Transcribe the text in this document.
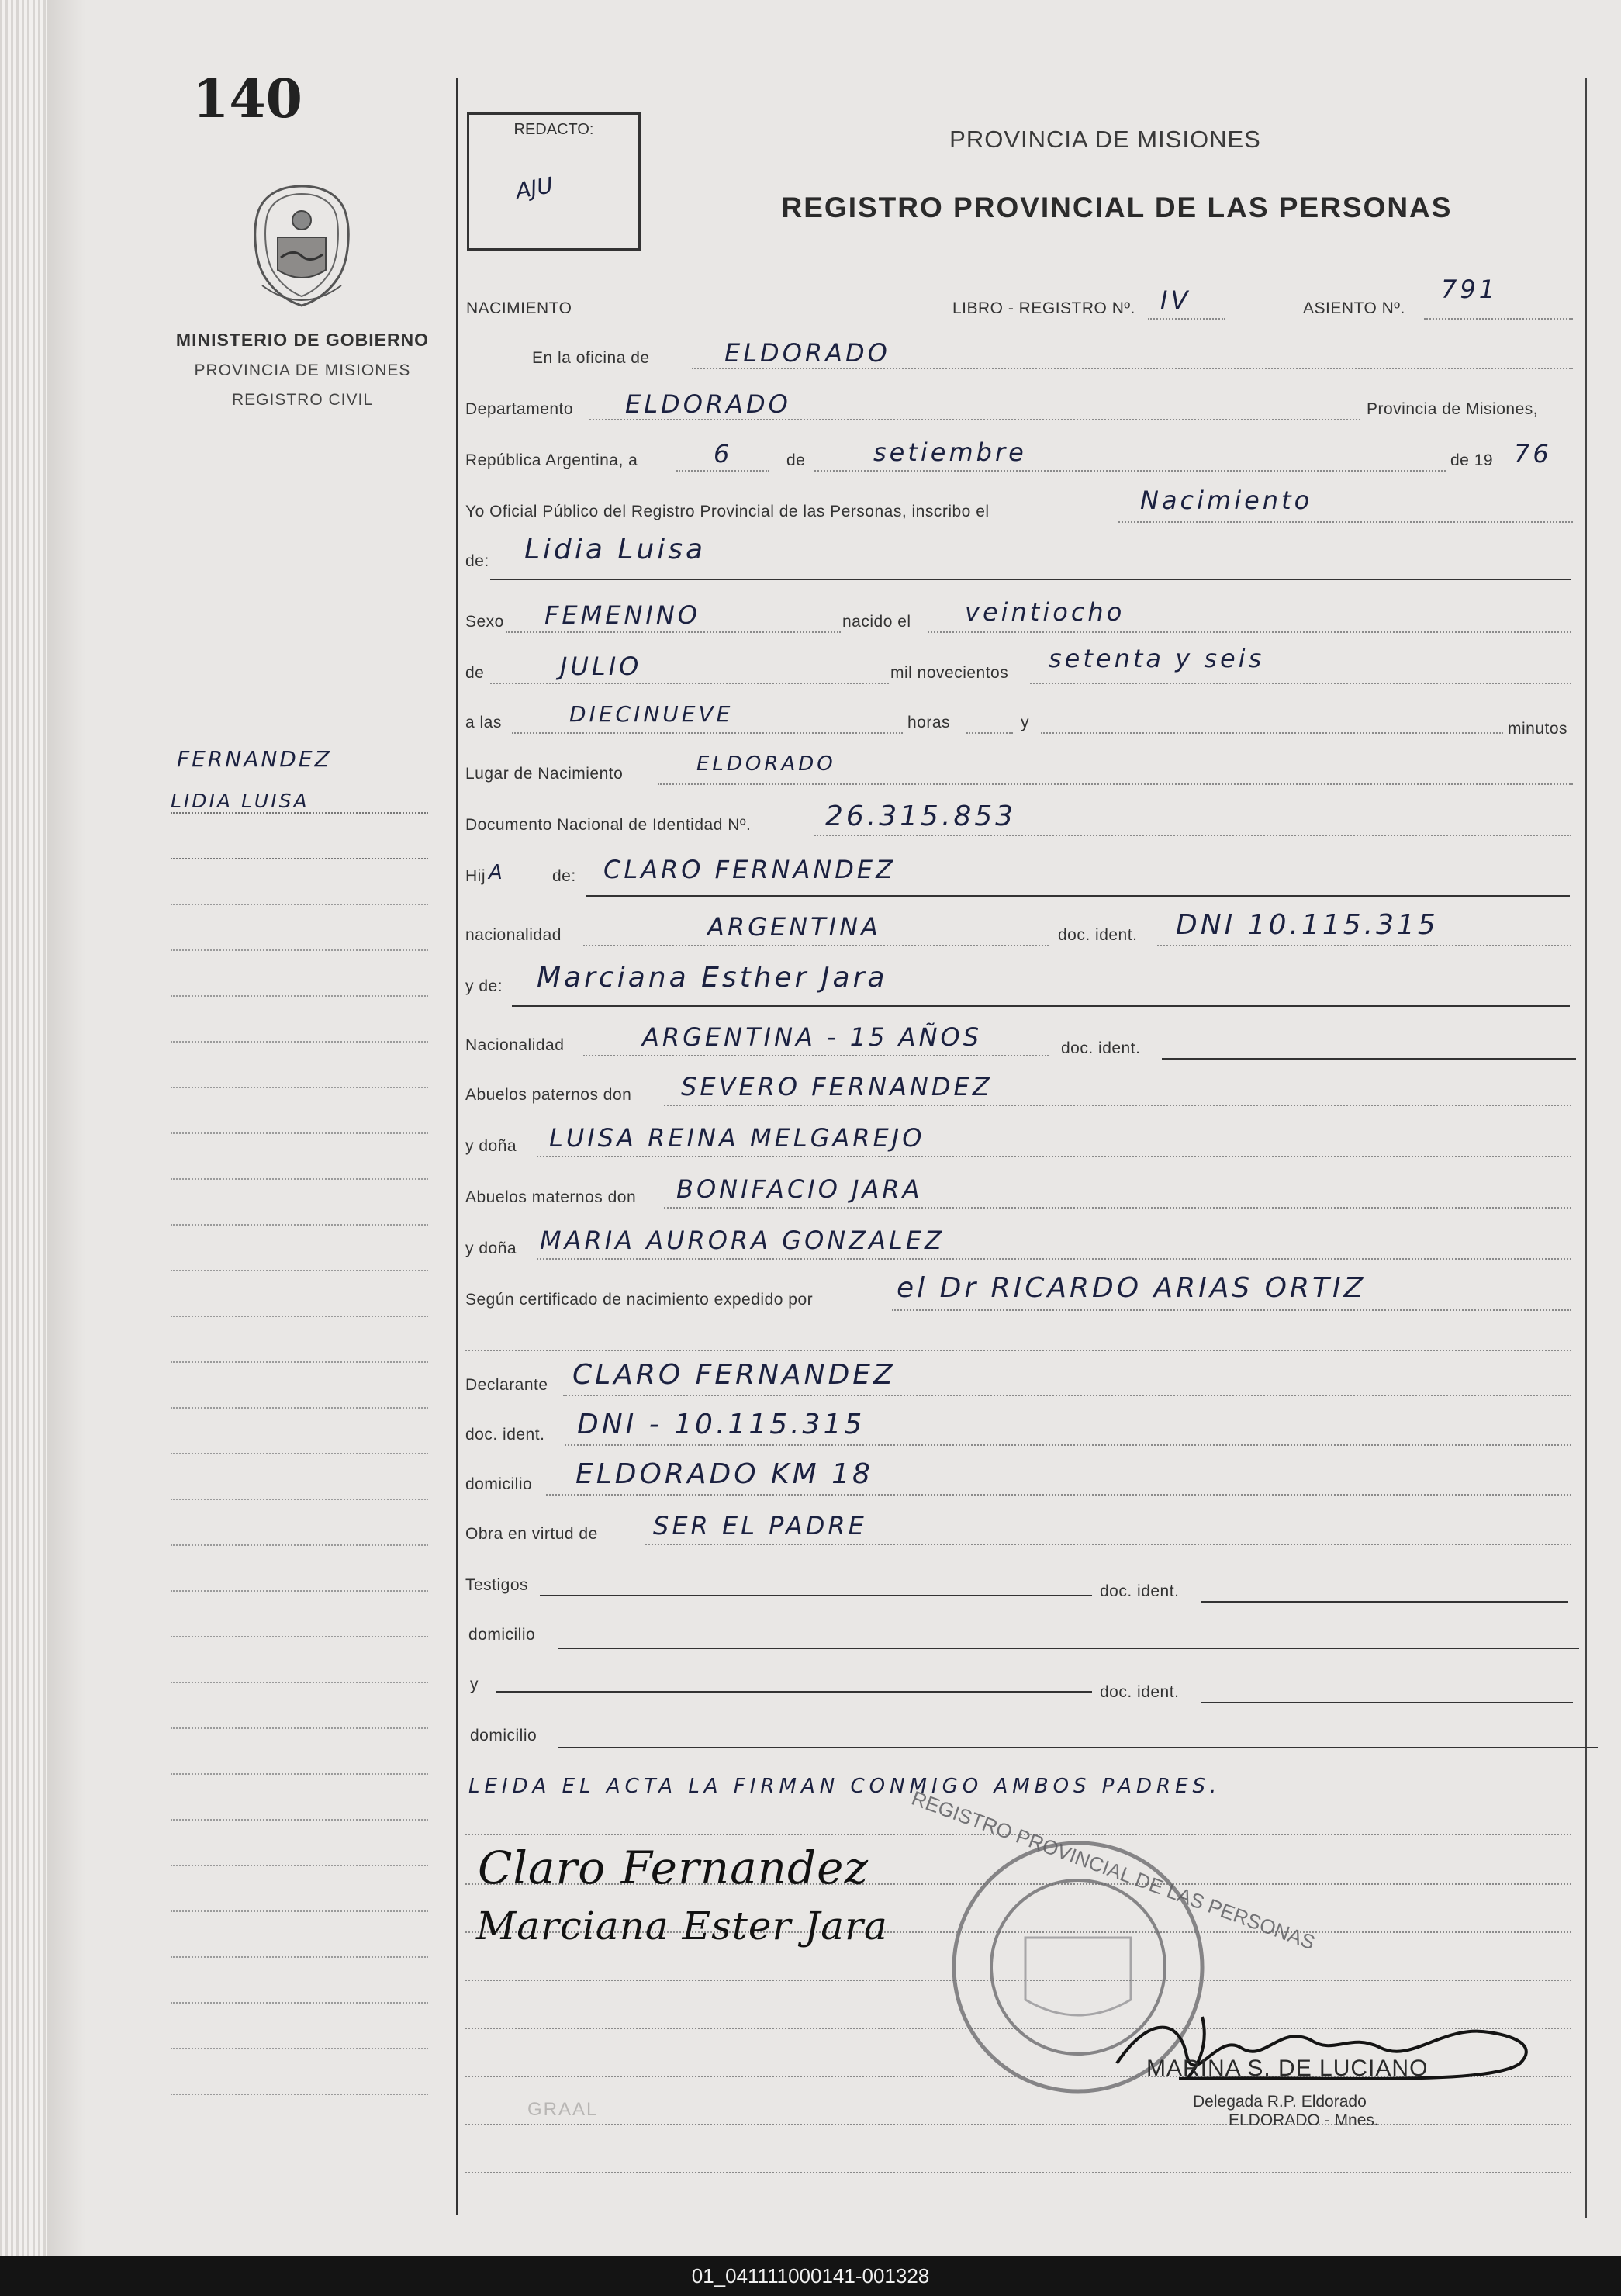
140
MINISTERIO DE GOBIERNO
PROVINCIA DE MISIONES
REGISTRO CIVIL
FERNANDEZ
LIDIA LUISA
REDACTO:
AJU
PROVINCIA DE MISIONES
REGISTRO PROVINCIAL DE LAS PERSONAS
NACIMIENTO	LIBRO - REGISTRO Nº. IV	ASIENTO Nº.
791
En la oficina de	ELDORADO
Departamento ELDORADO	Provincia de Misiones,
República Argentina, a	6	de	setiembre	de 19 76
Yo Oficial Público del Registro Provincial de las Personas, inscribo el	Nacimiento
de: Lidia Luisa
Sexo FEMENINO	nacido el veintiocho
de	JULIO	mil novecientos setenta y seis
a las	DIECINUEVE	horas	y	minutos
Lugar de Nacimiento	ELDORADO
Documento Nacional de Identidad Nº.	26.315.853
Hij A	de: CLARO FERNANDEZ
nacionalidad	ARGENTINA	doc. ident. DNI 10.115.315
y de: Marciana Esther Jara
Nacionalidad	ARGENTINA - 15 AÑOS	doc. ident.
Abuelos paternos don SEVERO FERNANDEZ
y doña LUISA REINA MELGAREJO
Abuelos maternos don BONIFACIO JARA
y doña MARIA AURORA GONZALEZ
Según certificado de nacimiento expedido por	el Dr RICARDO ARIAS ORTIZ
Declarante CLARO FERNANDEZ
doc. ident. DNI - 10.115.315
domicilio ELDORADO KM 18
Obra en virtud de SER EL PADRE
Testigos	doc. ident.
domicilio
y	doc. ident.
domicilio
LEIDA EL ACTA LA FIRMAN CONMIGO AMBOS PADRES.
Claro Fernandez
Marciana Ester Jara REGISTRO PROVINCIAL DE LAS PERSONAS
MARINA S. DE LUCIANO
Delegada R.P. Eldorado
ELDORADO - Mnes.
GRAAL
01_041111000141-001328
